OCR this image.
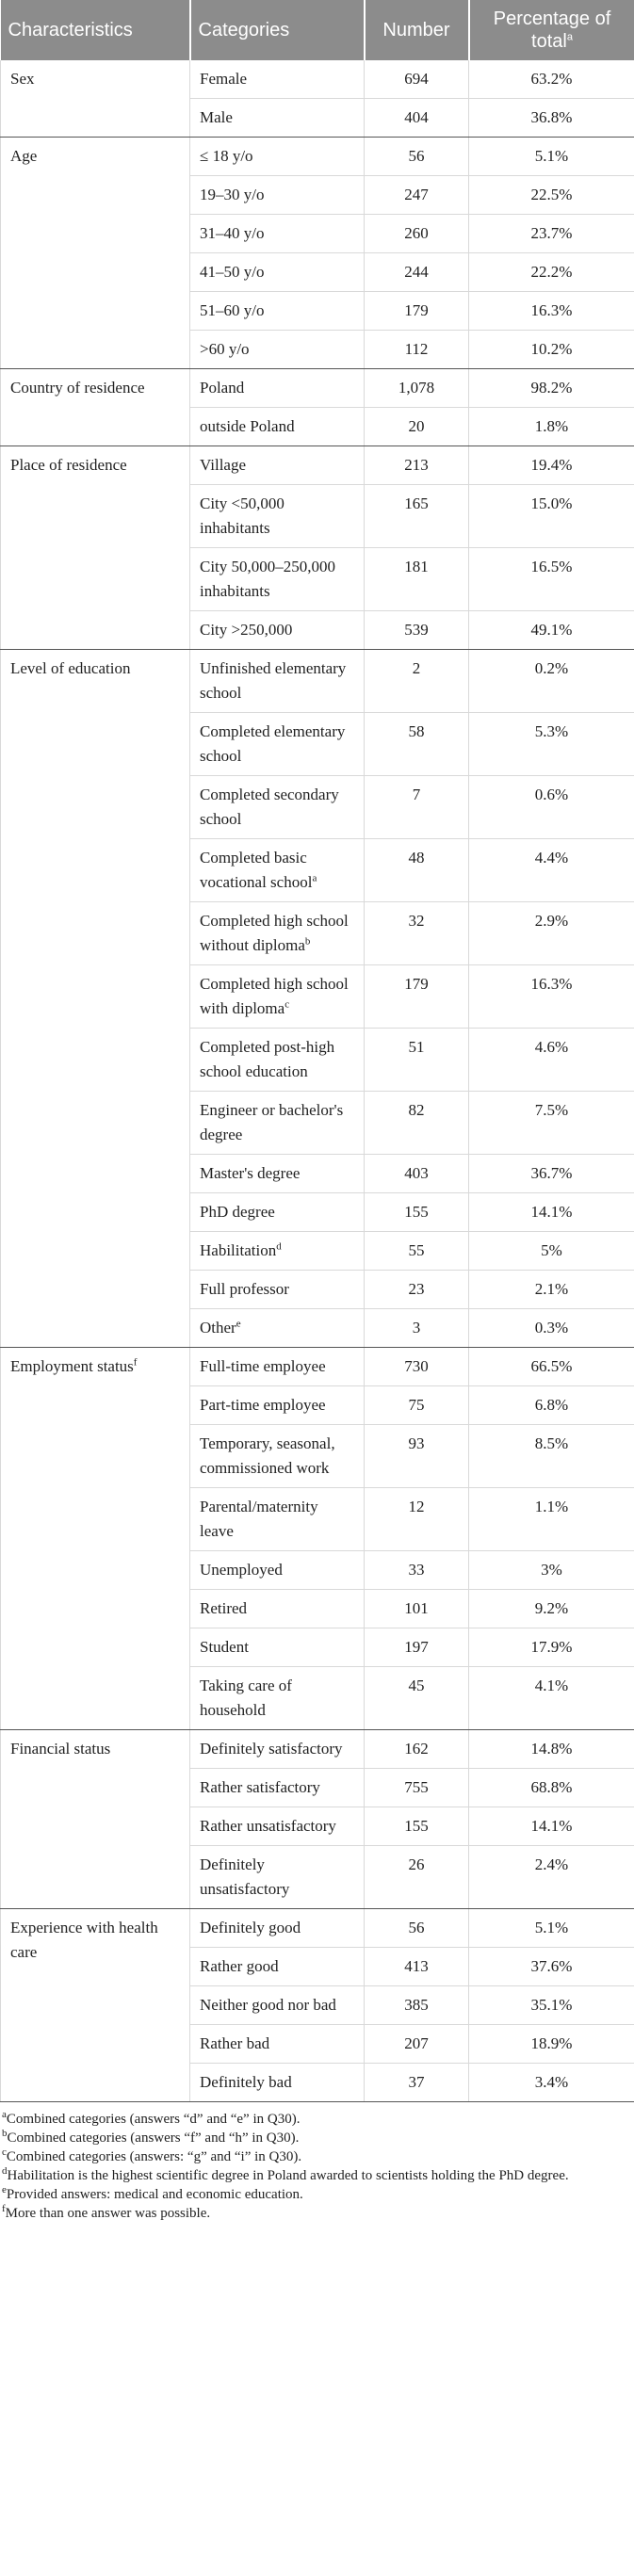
Characteristics	Categories	Number	Percentage of total$^a$
Sex	Female	694	63.2%
	Male	404	36.8%
Age	≤ 18 y/o	56	5.1%
	19–30 y/o	247	22.5%
	31–40 y/o	260	23.7%
	41–50 y/o	244	22.2%
	51–60 y/o	179	16.3%
	>60 y/o	112	10.2%
Country of residence	Poland	1,078	98.2%
	outside Poland	20	1.8%
Place of residence	Village	213	19.4%
	City <50,000 inhabitants	165	15.0%
	City 50,000–250,000 inhabitants	181	16.5%
	City >250,000	539	49.1%
Level of education	Unfinished elementary school	2	0.2%
	Completed elementary school	58	5.3%
	Completed secondary school	7	0.6%
	Completed basic vocational school$^a$	48	4.4%
	Completed high school without diploma$^b$	32	2.9%
	Completed high school with diploma$^c$	179	16.3%
	Completed post-high school education	51	4.6%
	Engineer or bachelor's degree	82	7.5%
	Master's degree	403	36.7%
	PhD degree	155	14.1%
	Habilitation$^d$	55	5%
	Full professor	23	2.1%
	Other$^e$	3	0.3%
Employment status$^f$	Full-time employee	730	66.5%
	Part-time employee	75	6.8%
	Temporary, seasonal, commissioned work	93	8.5%
	Parental/maternity leave	12	1.1%
	Unemployed	33	3%
	Retired	101	9.2%
	Student	197	17.9%
	Taking care of household	45	4.1%
Financial status	Definitely satisfactory	162	14.8%
	Rather satisfactory	755	68.8%
	Rather unsatisfactory	155	14.1%
	Definitely unsatisfactory	26	2.4%
Experience with health care	Definitely good	56	5.1%
	Rather good	413	37.6%
	Neither good nor bad	385	35.1%
	Rather bad	207	18.9%
	Definitely bad	37	3.4%
$^a$Combined categories (answers “d” and “e” in Q30).
$^b$Combined categories (answers “f” and “h” in Q30).
$^c$Combined categories (answers: “g” and “i” in Q30).
$^d$Habilitation is the highest scientific degree in Poland awarded to scientists holding the PhD degree.
$^e$Provided answers: medical and economic education.
$^f$More than one answer was possible.
